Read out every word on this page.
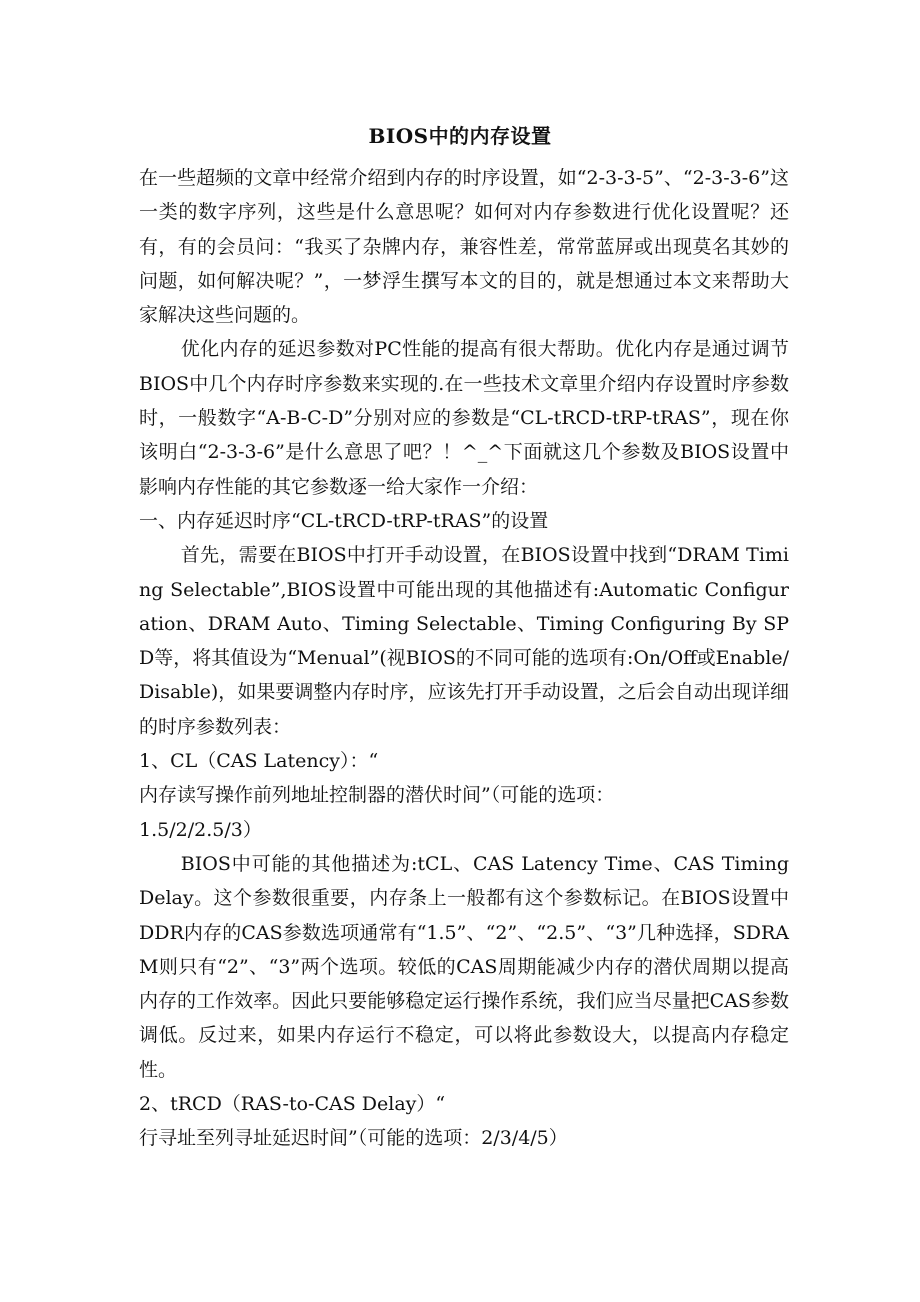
BIOS中的内存设置

在一些超频的文章中经常介绍到内存的时序设置，如“2-3-3-5”、“2-3-3-6”这一类的数字序列，这些是什么意思呢？如何对内存参数进行优化设置呢？还有，有的会员问：“我买了杂牌内存，兼容性差，常常蓝屏或出现莫名其妙的问题，如何解决呢？”，一梦浮生撰写本文的目的，就是想通过本文来帮助大家解决这些问题的。

优化内存的延迟参数对PC性能的提高有很大帮助。优化内存是通过调节BIOS中几个内存时序参数来实现的.在一些技术文章里介绍内存设置时序参数时，一般数字“A-B-C-D”分别对应的参数是“CL-tRCD-tRP-tRAS”，现在你该明白“2-3-3-6”是什么意思了吧？！^_^下面就这几个参数及BIOS设置中影响内存性能的其它参数逐一给大家作一介绍：

一、内存延迟时序“CL-tRCD-tRP-tRAS”的设置

首先，需要在BIOS中打开手动设置，在BIOS设置中找到“DRAM Timing Selectable”,BIOS设置中可能出现的其他描述有:Automatic Configuration、DRAM Auto、Timing Selectable、Timing Configuring By SPD等，将其值设为“Menual”(视BIOS的不同可能的选项有:On/Off或Enable/Disable)，如果要调整内存时序，应该先打开手动设置，之后会自动出现详细的时序参数列表：

1、CL（CAS Latency）：“

内存读写操作前列地址控制器的潜伏时间”（可能的选项：

1.5/2/2.5/3）

BIOS中可能的其他描述为:tCL、CAS Latency Time、CAS Timing Delay。这个参数很重要，内存条上一般都有这个参数标记。在BIOS设置中DDR内存的CAS参数选项通常有“1.5”、“2”、“2.5”、“3”几种选择，SDRAM则只有“2”、“3”两个选项。较低的CAS周期能减少内存的潜伏周期以提高内存的工作效率。因此只要能够稳定运行操作系统，我们应当尽量把CAS参数调低。反过来，如果内存运行不稳定，可以将此参数设大，以提高内存稳定性。

2、tRCD（RAS-to-CAS Delay）“

行寻址至列寻址延迟时间”（可能的选项：2/3/4/5）
